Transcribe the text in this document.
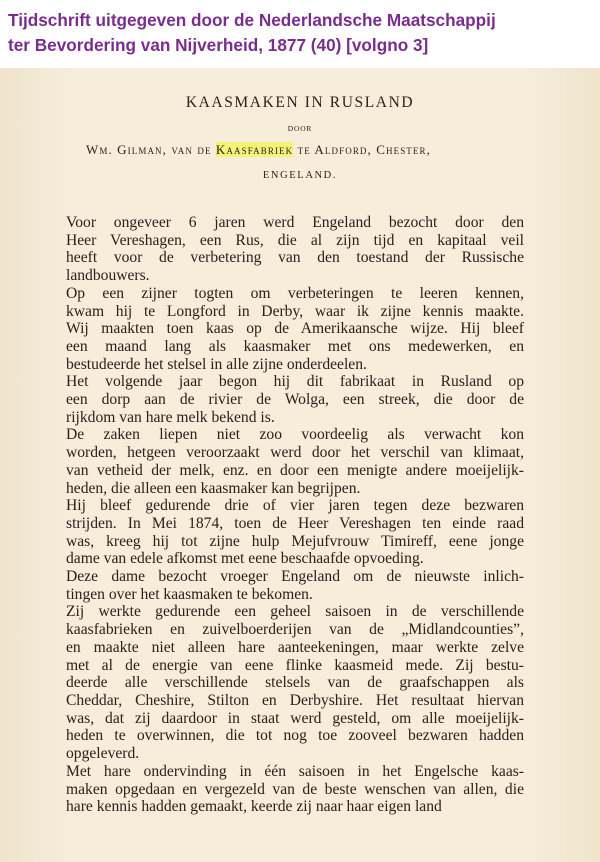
Tijdschrift uitgegeven door de Nederlandsche Maatschappij
ter Bevordering van Nijverheid, 1877 (40) [volgno 3]
KAASMAKEN IN RUSLAND
DOOR
Wm. Gilman, van de Kaasfabriek te Aldford, Chester,
ENGELAND.

Voor ongeveer 6 jaren werd Engeland bezocht door den
Heer Vereshagen, een Rus, die al zijn tijd en kapitaal veil
heeft voor de verbetering van den toestand der Russische
landbouwers.

Op een zijner togten om verbeteringen te leeren kennen,
kwam hij te Longford in Derby, waar ik zijne kennis maakte.
Wij maakten toen kaas op de Amerikaansche wijze. Hij bleef
een maand lang als kaasmaker met ons medewerken, en
bestudeerde het stelsel in alle zijne onderdeelen.

Het volgende jaar begon hij dit fabrikaat in Rusland op
een dorp aan de rivier de Wolga, een streek, die door de
rijkdom van hare melk bekend is.

De zaken liepen niet zoo voordeelig als verwacht kon
worden, hetgeen veroorzaakt werd door het verschil van klimaat,
van vetheid der melk, enz. en door een menigte andere moeijelijk-
heden, die alleen een kaasmaker kan begrijpen.

Hij bleef gedurende drie of vier jaren tegen deze bezwaren
strijden. In Mei 1874, toen de Heer Vereshagen ten einde raad
was, kreeg hij tot zijne hulp Mejufvrouw Timireff, eene jonge
dame van edele afkomst met eene beschaafde opvoeding.

Deze dame bezocht vroeger Engeland om de nieuwste inlich-
tingen over het kaasmaken te bekomen.

Zij werkte gedurende een geheel saisoen in de verschillende
kaasfabrieken en zuivelboerderijen van de „Midlandcounties”,
en maakte niet alleen hare aanteekeningen, maar werkte zelve
met al de energie van eene flinke kaasmeid mede. Zij bestu-
deerde alle verschillende stelsels van de graafschappen als
Cheddar, Cheshire, Stilton en Derbyshire. Het resultaat hiervan
was, dat zij daardoor in staat werd gesteld, om alle moeijelijk-
heden te overwinnen, die tot nog toe zooveel bezwaren hadden
opgeleverd.

Met hare ondervinding in één saisoen in het Engelsche kaas-
maken opgedaan en vergezeld van de beste wenschen van allen, die
hare kennis hadden gemaakt, keerde zij naar haar eigen land
